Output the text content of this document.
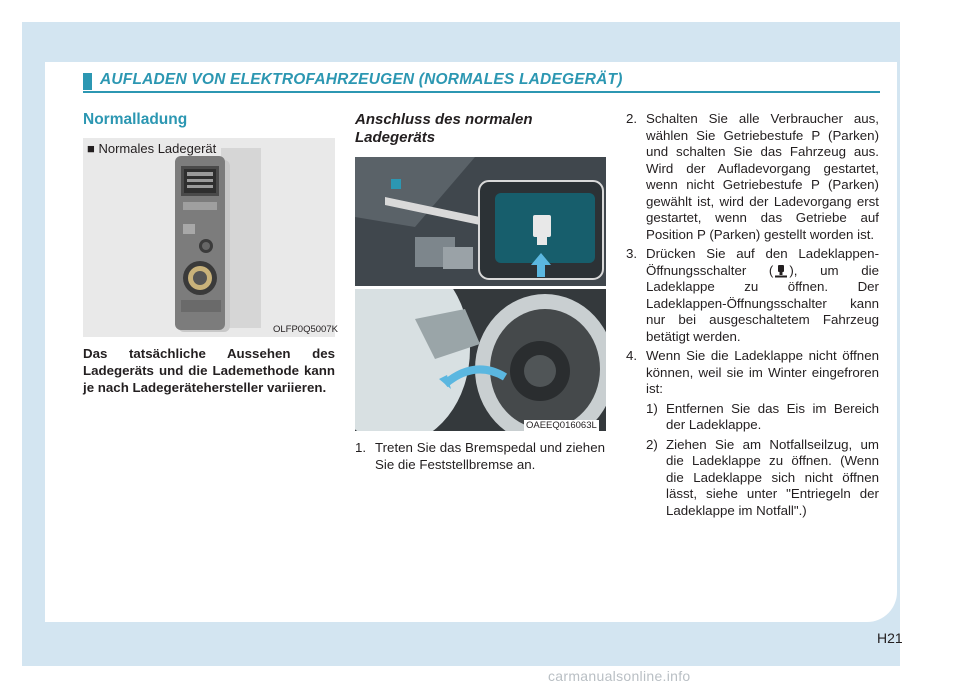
AUFLADEN VON ELEKTROFAHRZEUGEN (NORMALES LADEGERÄT)
Normalladung
■ Normales Ladegerät
OLFP0Q5007K
Das tatsächliche Aussehen des Ladegeräts und die Lademethode kann je nach Ladegerätehersteller variieren.
Anschluss des normalen Ladegeräts
OAEEQ016063L
1. Treten Sie das Bremspedal und ziehen Sie die Feststellbremse an.
2. Schalten Sie alle Verbraucher aus, wählen Sie Getriebestufe P (Parken) und schalten Sie das Fahrzeug aus. Wird der Aufladevorgang gestartet, wenn nicht Getriebestufe P (Parken) gewählt ist, wird der Ladevorgang erst gestartet, wenn das Getriebe auf Position P (Parken) gestellt worden ist.
3. Drücken Sie auf den Ladeklappen-Öffnungsschalter ( ), um die Ladeklappe zu öffnen. Der Ladeklappen-Öffnungsschalter kann nur bei ausgeschaltetem Fahrzeug betätigt werden.
4. Wenn Sie die Ladeklappe nicht öffnen können, weil sie im Winter eingefroren ist:
1) Entfernen Sie das Eis im Bereich der Ladeklappe.
2) Ziehen Sie am Notfallseilzug, um die Ladeklappe zu öffnen. (Wenn die Ladeklappe sich nicht öffnen lässt, siehe unter "Entriegeln der Ladeklappe im Notfall".)
H21
carmanualsonline.info
